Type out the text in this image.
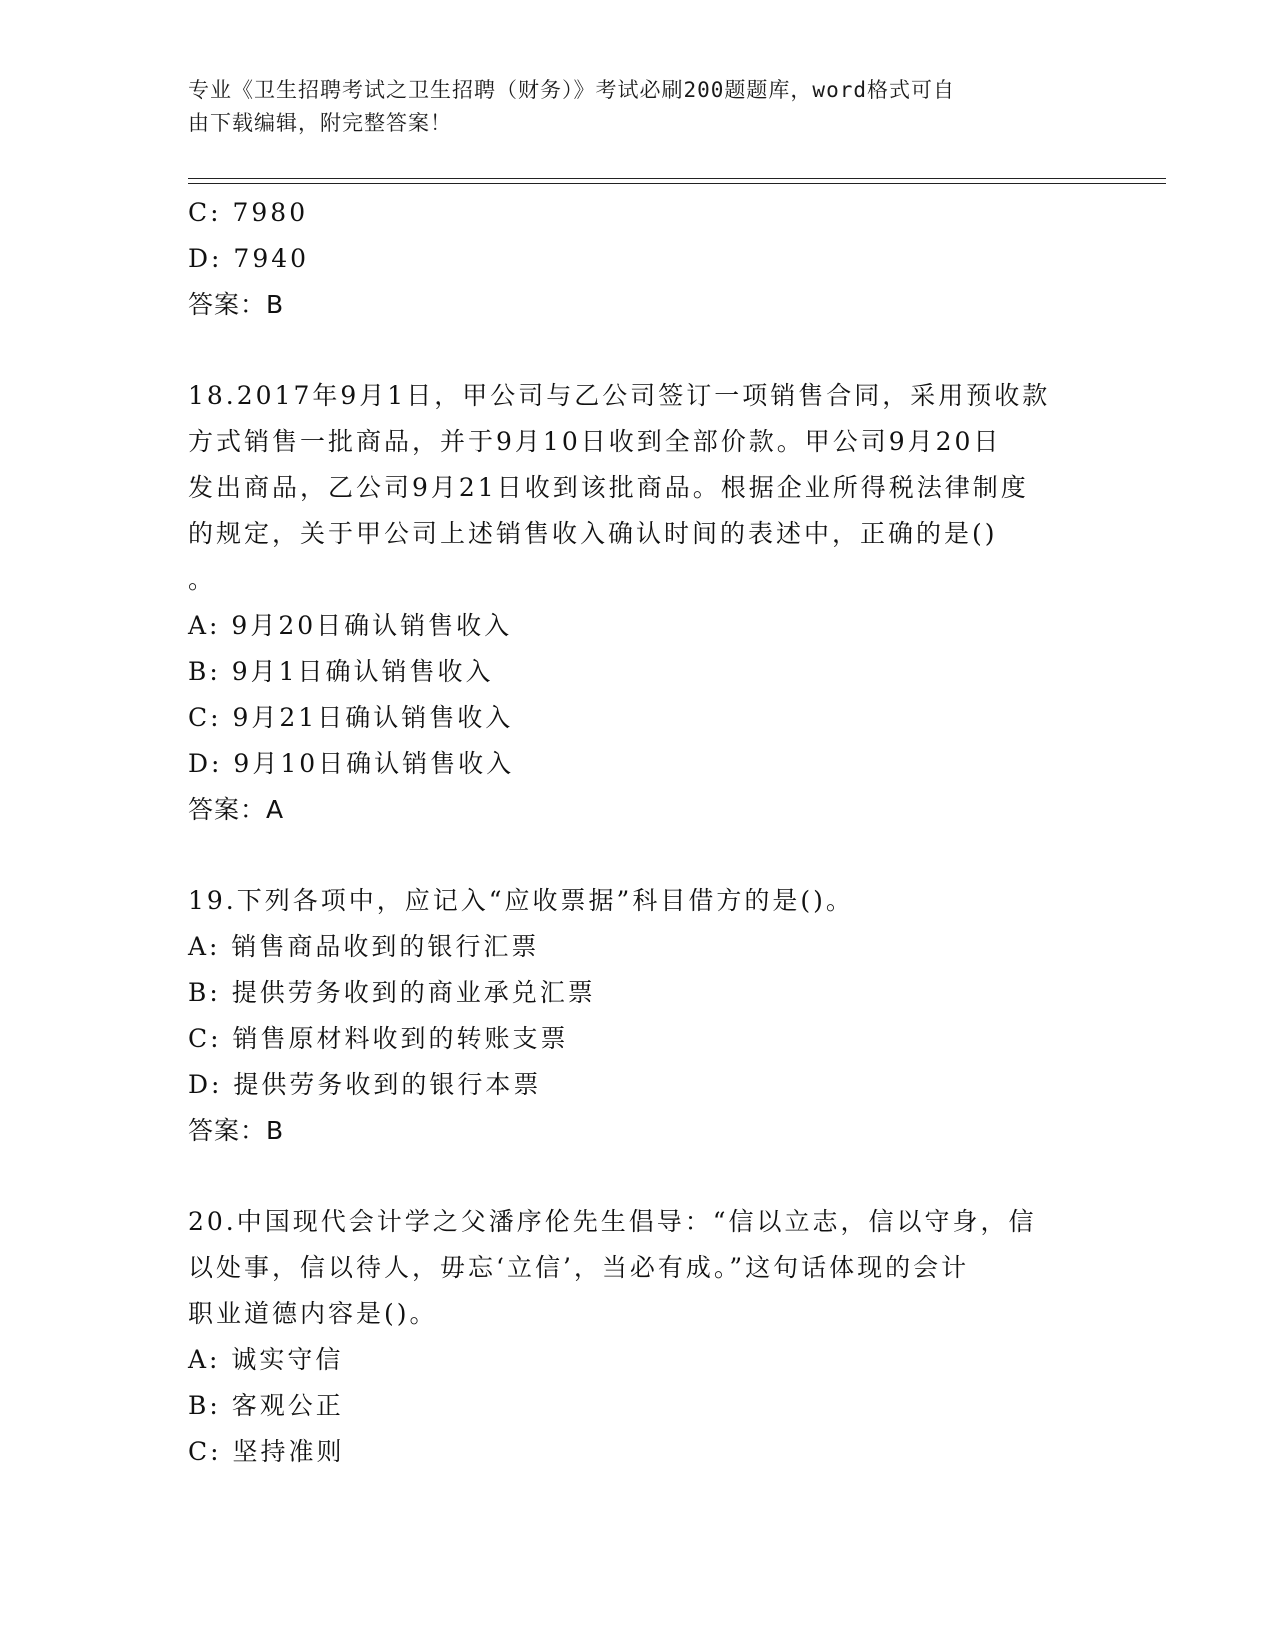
专业《卫生招聘考试之卫生招聘（财务）》考试必刷200题题库，word格式可自
由下载编辑，附完整答案！
C: 7980
D: 7940
答案：B
18.2017年9月1日，甲公司与乙公司签订一项销售合同，采用预收款
方式销售一批商品，并于9月10日收到全部价款。甲公司9月20日
发出商品，乙公司9月21日收到该批商品。根据企业所得税法律制度
的规定，关于甲公司上述销售收入确认时间的表述中，正确的是()
。
A: 9月20日确认销售收入
B: 9月1日确认销售收入
C: 9月21日确认销售收入
D: 9月10日确认销售收入
答案：A
19.下列各项中，应记入“应收票据”科目借方的是()。
A: 销售商品收到的银行汇票
B: 提供劳务收到的商业承兑汇票
C: 销售原材料收到的转账支票
D: 提供劳务收到的银行本票
答案：B
20.中国现代会计学之父潘序伦先生倡导：“信以立志，信以守身，信
以处事，信以待人，毋忘‘立信’，当必有成。”这句话体现的会计
职业道德内容是()。
A: 诚实守信
B: 客观公正
C: 坚持准则
